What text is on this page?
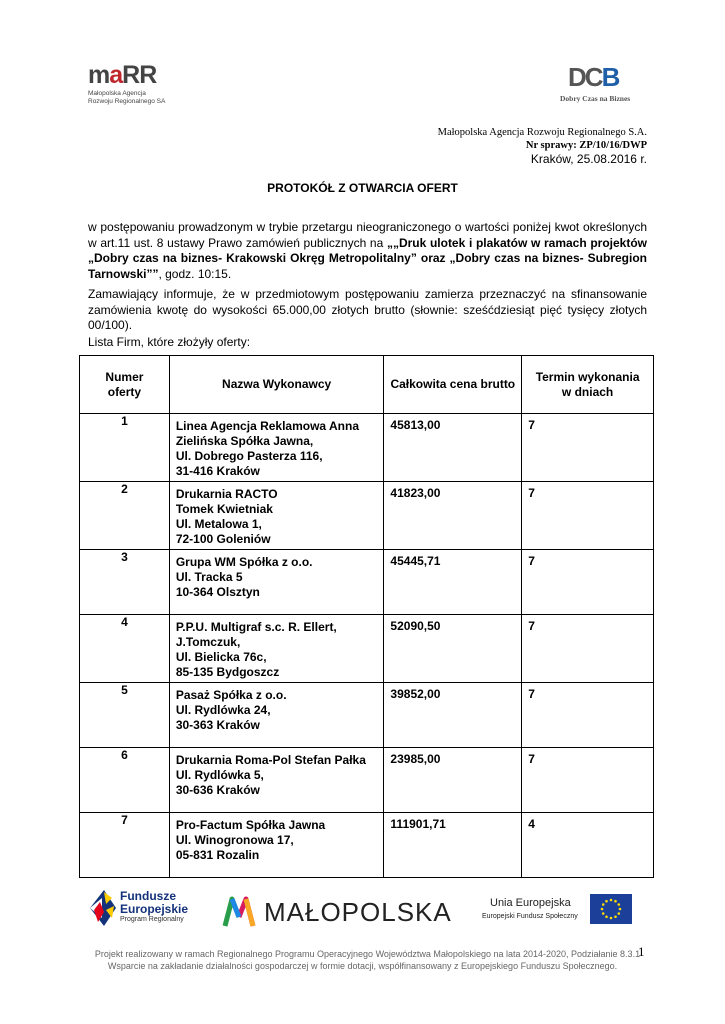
maRR
Małopolska Agencja
Rozwoju Regionalnego SA
DCB
Dobry Czas na Biznes
Małopolska Agencja Rozwoju Regionalnego S.A.
Nr sprawy: ZP/10/16/DWP
Kraków, 25.08.2016 r.
PROTOKÓŁ Z OTWARCIA OFERT
w postępowaniu prowadzonym w trybie przetargu nieograniczonego o wartości poniżej kwot określonych w art.11 ust. 8 ustawy Prawo zamówień publicznych na „„Druk ulotek i plakatów w ramach projektów „Dobry czas na biznes- Krakowski Okręg Metropolitalny” oraz „Dobry czas na biznes- Subregion Tarnowski””, godz. 10:15.
Zamawiający informuje, że w przedmiotowym postępowaniu zamierza przeznaczyć na sfinansowanie zamówienia kwotę do wysokości 65.000,00 złotych brutto (słownie: sześćdziesiąt pięć tysięcy złotych 00/100).
Lista Firm, które złożyły oferty:
Numer
oferty	Nazwa Wykonawcy	Całkowita cena brutto	Termin wykonania
w dniach
1	Linea Agencja Reklamowa Anna
Zielińska Spółka Jawna,
Ul. Dobrego Pasterza 116,
31-416 Kraków	45813,00	7
2	Drukarnia RACTO
Tomek Kwietniak
Ul. Metalowa 1,
72-100 Goleniów	41823,00	7
3	Grupa WM Spółka z o.o.
Ul. Tracka 5
10-364 Olsztyn	45445,71	7
4	P.P.U. Multigraf s.c. R. Ellert,
J.Tomczuk,
Ul. Bielicka 76c,
85-135 Bydgoszcz	52090,50	7
5	Pasaż Spółka z o.o.
Ul. Rydlówka 24,
30-363 Kraków	39852,00	7
6	Drukarnia Roma-Pol Stefan Pałka
Ul. Rydlówka 5,
30-636 Kraków	23985,00	7
7	Pro-Factum Spółka Jawna
Ul. Winogronowa 17,
05-831 Rozalin	111901,71	4
Fundusze
Europejskie
Program Regionalny	MAŁOPOLSKA	Unia Europejska
Europejski Fundusz Społeczny
Projekt realizowany w ramach Regionalnego Programu Operacyjnego Województwa Małopolskiego na lata 2014-2020, Podziałanie 8.3.1
Wsparcie na zakładanie działalności gospodarczej w formie dotacji, współfinansowany z Europejskiego Funduszu Społecznego.
1
